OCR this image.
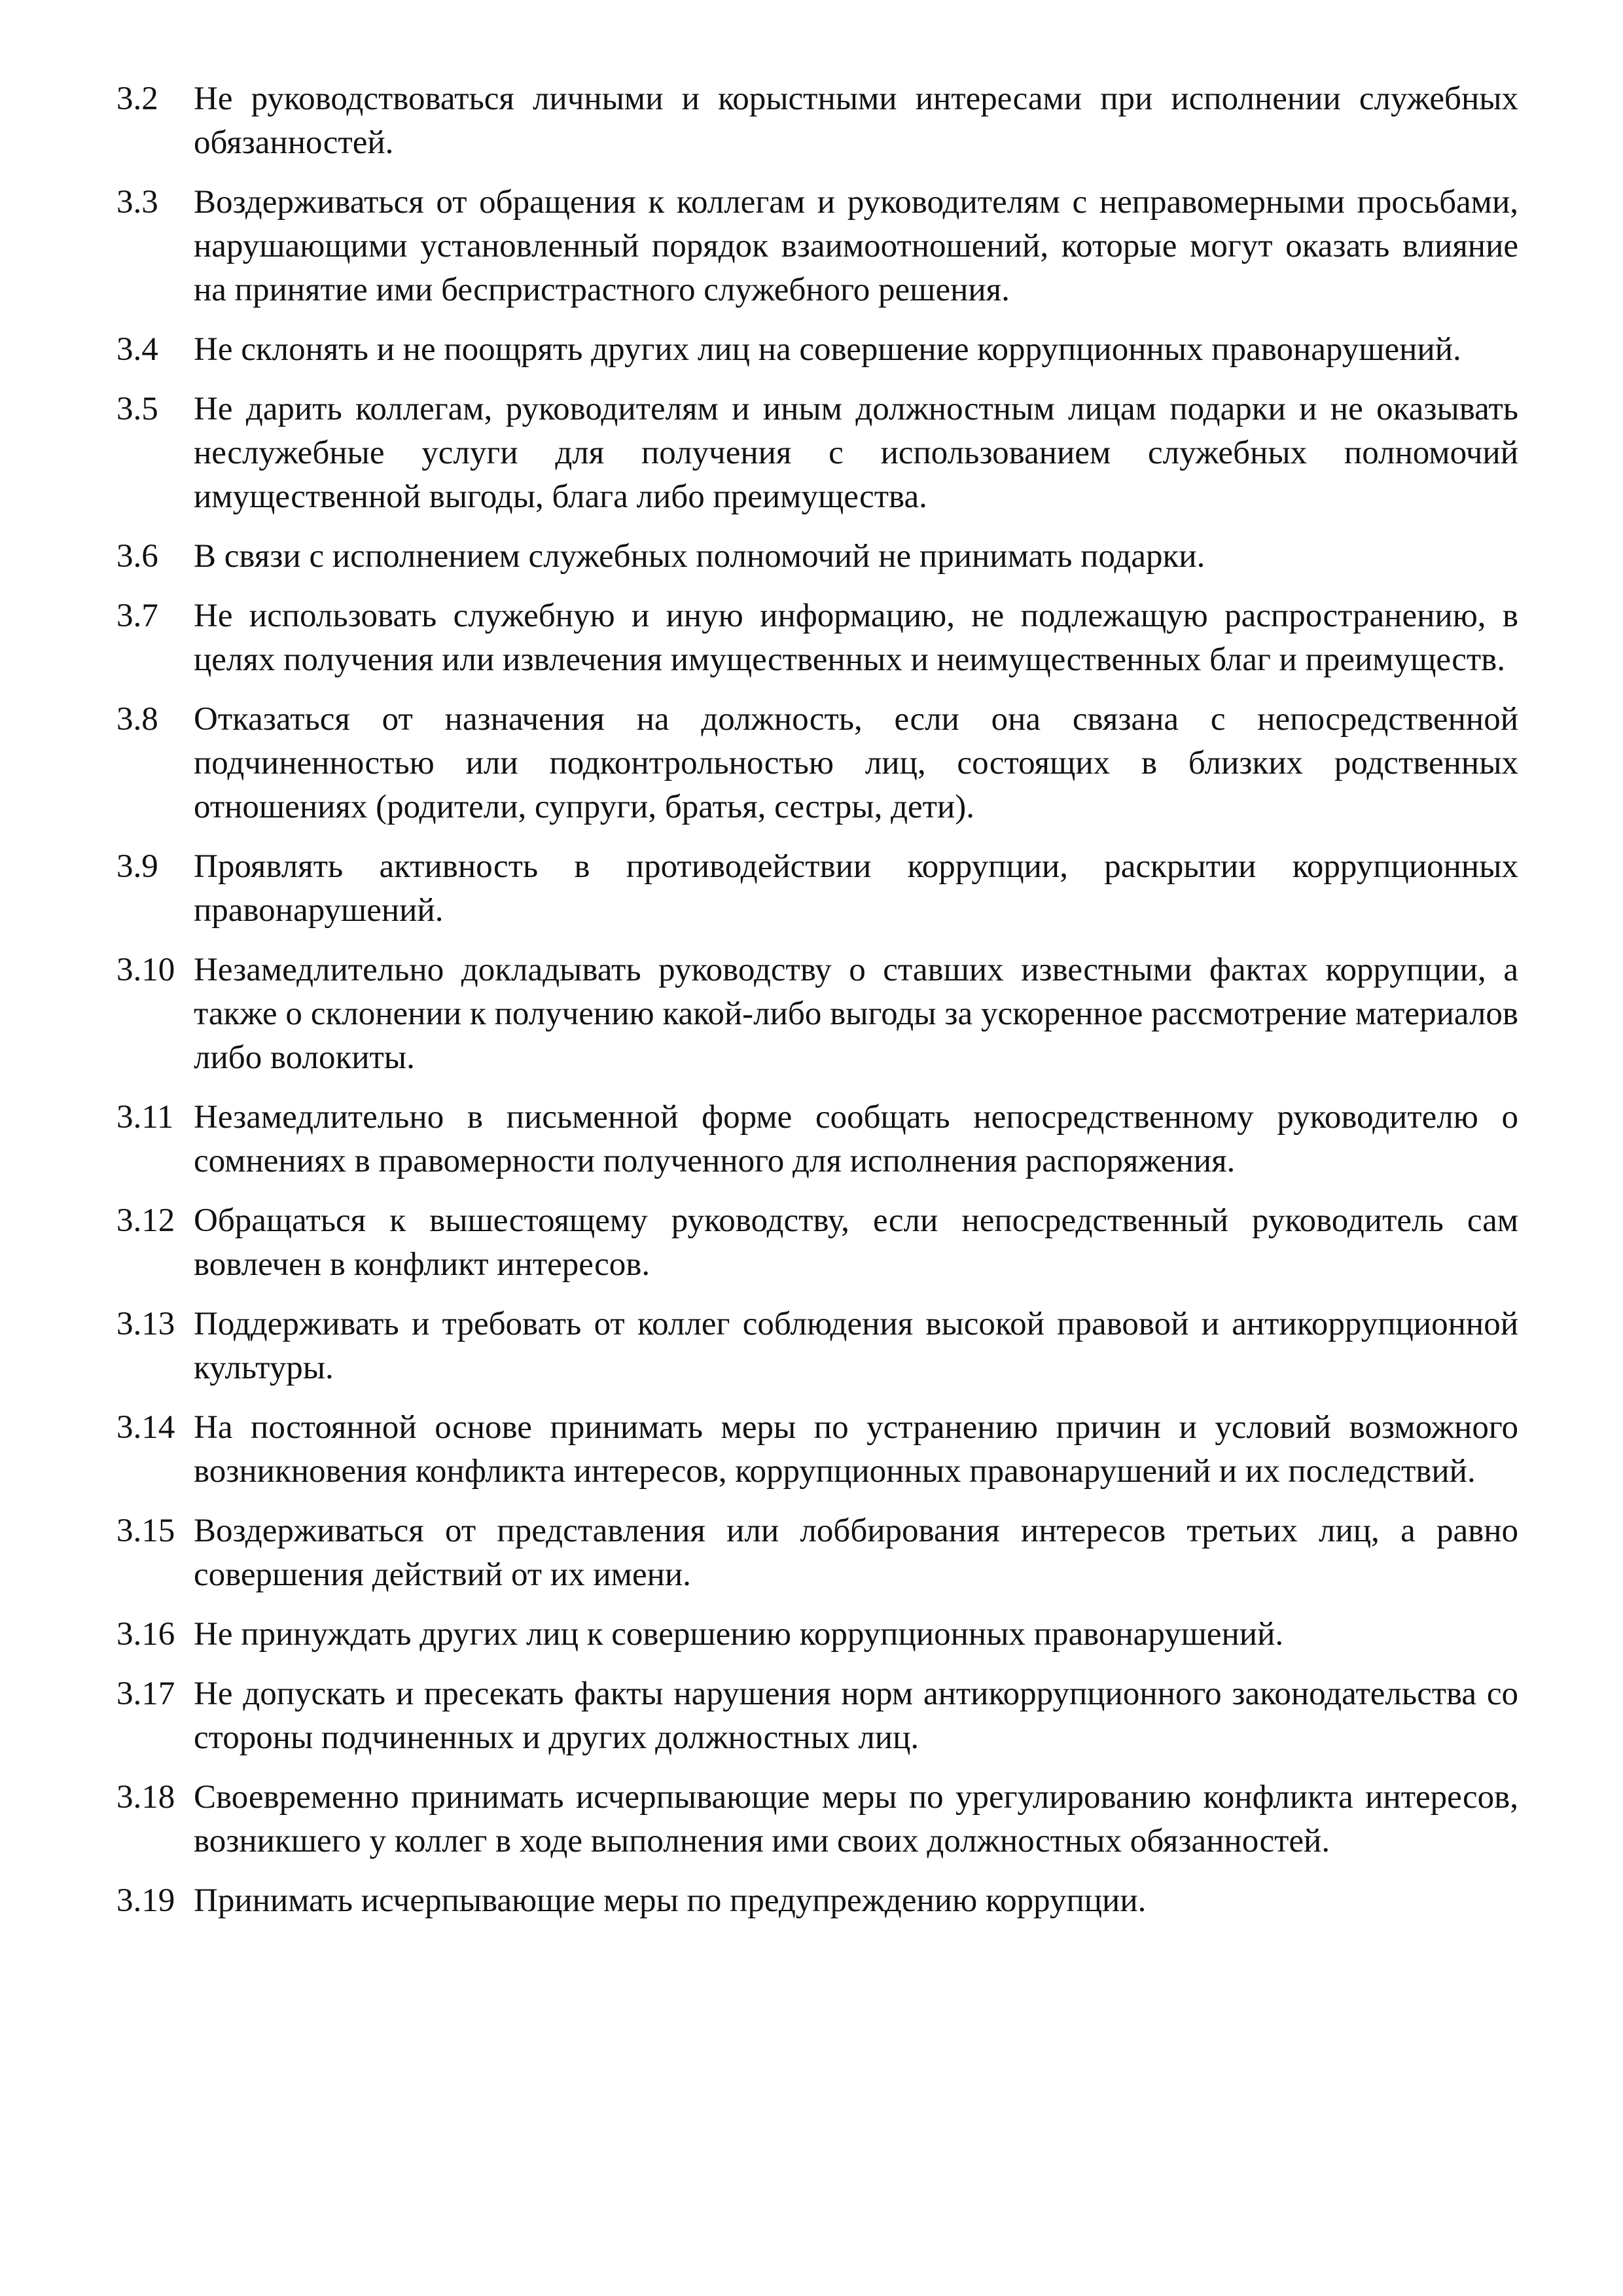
3.2 Не руководствоваться личными и корыстными интересами при исполнении служебных обязанностей.
3.3 Воздерживаться от обращения к коллегам и руководителям с неправомерными просьбами, нарушающими установленный порядок взаимоотношений, которые могут оказать влияние на принятие ими беспристрастного служебного решения.
3.4 Не склонять и не поощрять других лиц на совершение коррупционных правонарушений.
3.5 Не дарить коллегам, руководителям и иным должностным лицам подарки и не оказывать неслужебные услуги для получения с использованием служебных полномочий имущественной выгоды, блага либо преимущества.
3.6 В связи с исполнением служебных полномочий не принимать подарки.
3.7 Не использовать служебную и иную информацию, не подлежащую распространению, в целях получения или извлечения имущественных и неимущественных благ и преимуществ.
3.8 Отказаться от назначения на должность, если она связана с непосредственной подчиненностью или подконтрольностью лиц, состоящих в близких родственных отношениях (родители, супруги, братья, сестры, дети).
3.9 Проявлять активность в противодействии коррупции, раскрытии коррупционных правонарушений.
3.10 Незамедлительно докладывать руководству о ставших известными фактах коррупции, а также о склонении к получению какой-либо выгоды за ускоренное рассмотрение материалов либо волокиты.
3.11 Незамедлительно в письменной форме сообщать непосредственному руководителю о сомнениях в правомерности полученного для исполнения распоряжения.
3.12 Обращаться к вышестоящему руководству, если непосредственный руководитель сам вовлечен в конфликт интересов.
3.13 Поддерживать и требовать от коллег соблюдения высокой правовой и антикоррупционной культуры.
3.14 На постоянной основе принимать меры по устранению причин и условий возможного возникновения конфликта интересов, коррупционных правонарушений и их последствий.
3.15 Воздерживаться от представления или лоббирования интересов третьих лиц, а равно совершения действий от их имени.
3.16 Не принуждать других лиц к совершению коррупционных правонарушений.
3.17 Не допускать и пресекать факты нарушения норм антикоррупционного законодательства со стороны подчиненных и других должностных лиц.
3.18 Своевременно принимать исчерпывающие меры по урегулированию конфликта интересов, возникшего у коллег в ходе выполнения ими своих должностных обязанностей.
3.19 Принимать исчерпывающие меры по предупреждению коррупции.
